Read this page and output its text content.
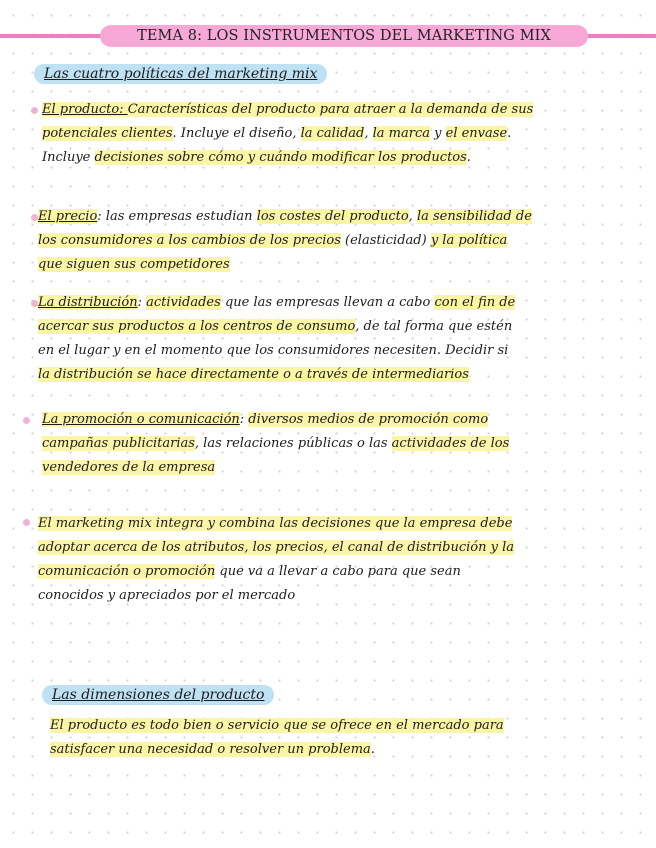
TEMA 8: LOS INSTRUMENTOS DEL MARKETING MIX
Las cuatro políticas del marketing mix
El producto: Características del producto para atraer a la demanda de sus
potenciales clientes. Incluye el diseño, la calidad, la marca y el envase.
Incluye decisiones sobre cómo y cuándo modificar los productos.
El precio: las empresas estudian los costes del producto, la sensibilidad de
los consumidores a los cambios de los precios (elasticidad) y la política
que siguen sus competidores
La distribución: actividades que las empresas llevan a cabo con el fin de
acercar sus productos a los centros de consumo, de tal forma que estén
en el lugar y en el momento que los consumidores necesiten. Decidir si
la distribución se hace directamente o a través de intermediarios
La promoción o comunicación: diversos medios de promoción como
campañas publicitarias, las relaciones públicas o las actividades de los
vendedores de la empresa
El marketing mix integra y combina las decisiones que la empresa debe
adoptar acerca de los atributos, los precios, el canal de distribución y la
comunicación o promoción que va a llevar a cabo para que sean
conocidos y apreciados por el mercado
Las dimensiones del producto
El producto es todo bien o servicio que se ofrece en el mercado para
satisfacer una necesidad o resolver un problema.
